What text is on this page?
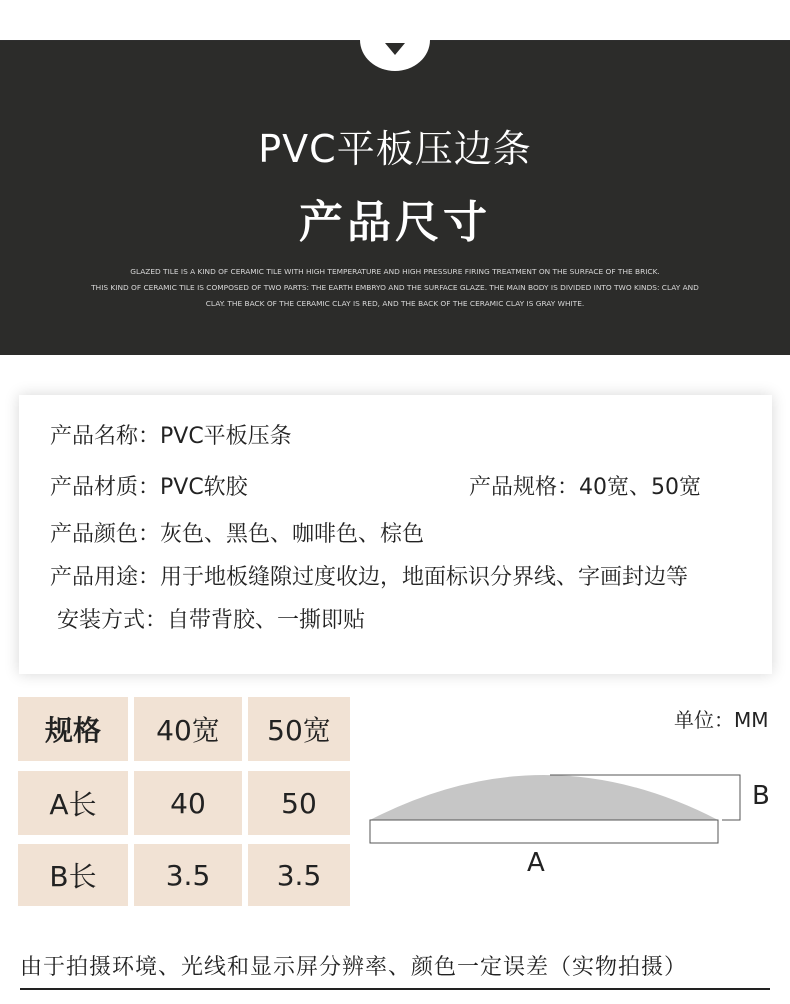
PVC平板压边条
产品尺寸
GLAZED TILE IS A KIND OF CERAMIC TILE WITH HIGH TEMPERATURE AND HIGH PRESSURE FIRING TREATMENT ON THE SURFACE OF THE BRICK.
THIS KIND OF CERAMIC TILE IS COMPOSED OF TWO PARTS: THE EARTH EMBRYO AND THE SURFACE GLAZE. THE MAIN BODY IS DIVIDED INTO TWO KINDS: CLAY AND
CLAY. THE BACK OF THE CERAMIC CLAY IS RED, AND THE BACK OF THE CERAMIC CLAY IS GRAY WHITE.
产品名称：PVC平板压条
产品材质：PVC软胶	产品规格：40宽、50宽
产品颜色：灰色、黑色、咖啡色、棕色
产品用途：用于地板缝隙过度收边，地面标识分界线、字画封边等
安装方式：自带背胶、一撕即贴
规格	40宽	50宽
A长	40	50
B长	3.5	3.5
单位：MM
B
A
由于拍摄环境、光线和显示屏分辨率、颜色一定误差（实物拍摄）
